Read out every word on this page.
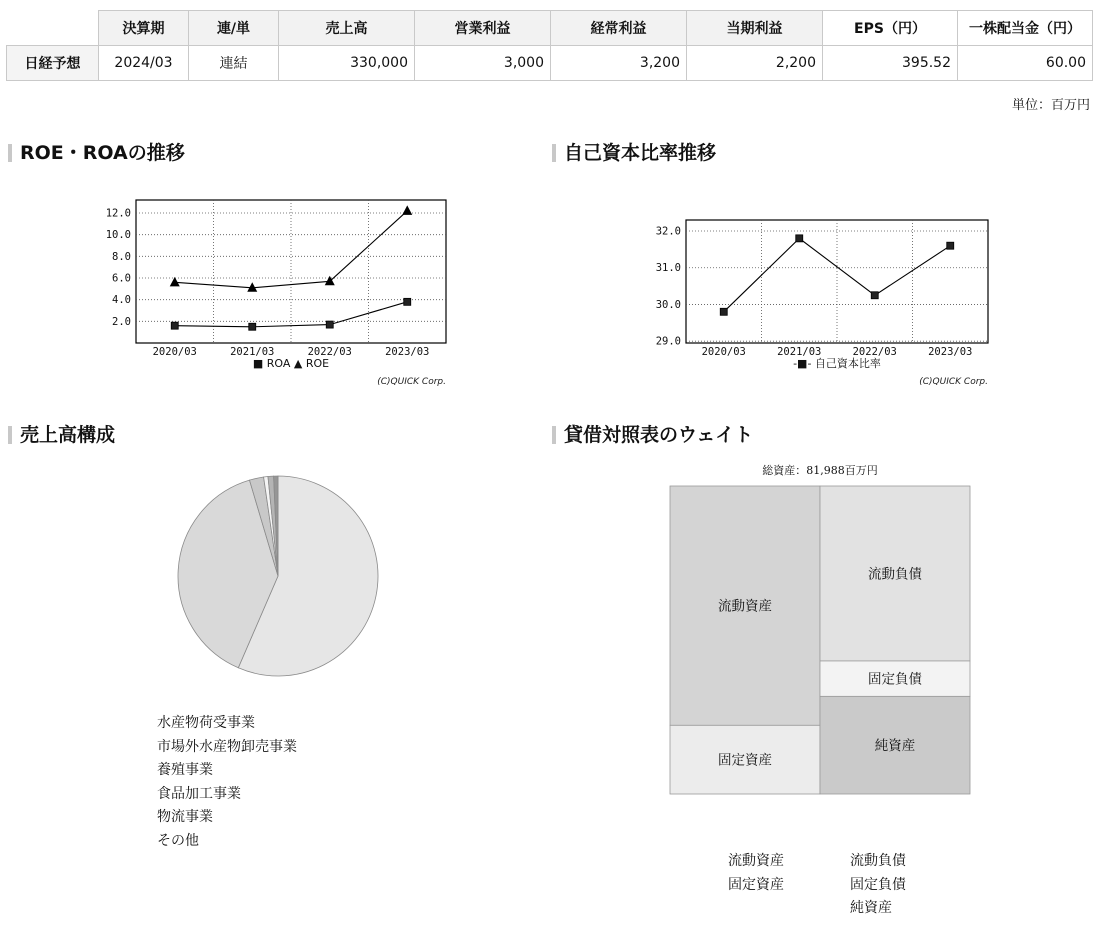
	決算期	連/単	売上高	営業利益	経常利益	当期利益	EPS（円）	一株配当金（円）
日経予想	2024/03	連結	330,000	3,000	3,200	2,200	395.52	60.00
単位：百万円
ROE・ROAの推移	自己資本比率推移
売上高構成	貸借対照表のウェイト
2.0
4.0
6.0
8.0
10.0
12.0
2020/03	2021/03	2022/03	2023/03
■ ROA ▲ ROE
(C)QUICK Corp.
29.0
30.0
31.0
32.0
2020/03	2021/03	2022/03	2023/03
-■- 自己資本比率
(C)QUICK Corp.
水産物荷受事業
市場外水産物卸売事業
養殖事業
食品加工事業
物流事業
その他
総資産：81,988百万円
流動資産
固定資産
流動負債
固定負債
純資産
流動資産
固定資産
流動負債
固定負債
純資産
